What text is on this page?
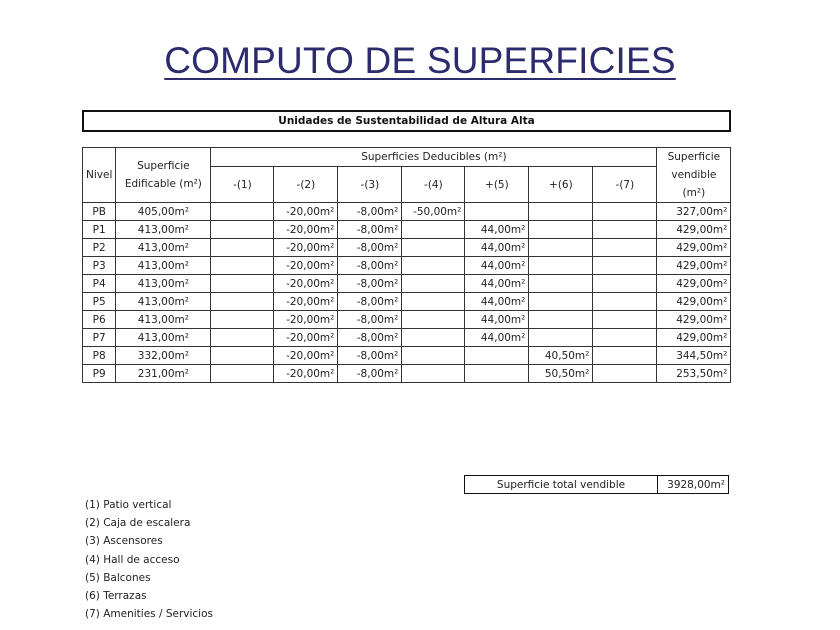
COMPUTO DE SUPERFICIES
Unidades de Sustentabilidad de Altura Alta
Nivel	Superficie Edificable (m²)	Superficies Deducibles (m²)							Superficie vendible (m²)
		-(1)	-(2)	-(3)	-(4)	+(5)	+(6)	-(7)	
PB	405,00m²		-20,00m²	-8,00m²	-50,00m²				327,00m²
P1	413,00m²		-20,00m²	-8,00m²		44,00m²			429,00m²
P2	413,00m²		-20,00m²	-8,00m²		44,00m²			429,00m²
P3	413,00m²		-20,00m²	-8,00m²		44,00m²			429,00m²
P4	413,00m²		-20,00m²	-8,00m²		44,00m²			429,00m²
P5	413,00m²		-20,00m²	-8,00m²		44,00m²			429,00m²
P6	413,00m²		-20,00m²	-8,00m²		44,00m²			429,00m²
P7	413,00m²		-20,00m²	-8,00m²		44,00m²			429,00m²
P8	332,00m²		-20,00m²	-8,00m²			40,50m²		344,50m²
P9	231,00m²		-20,00m²	-8,00m²			50,50m²		253,50m²
Superficie total vendible	3928,00m²
(1) Patio vertical
(2) Caja de escalera
(3) Ascensores
(4) Hall de acceso
(5) Balcones
(6) Terrazas
(7) Amenities / Servicios
